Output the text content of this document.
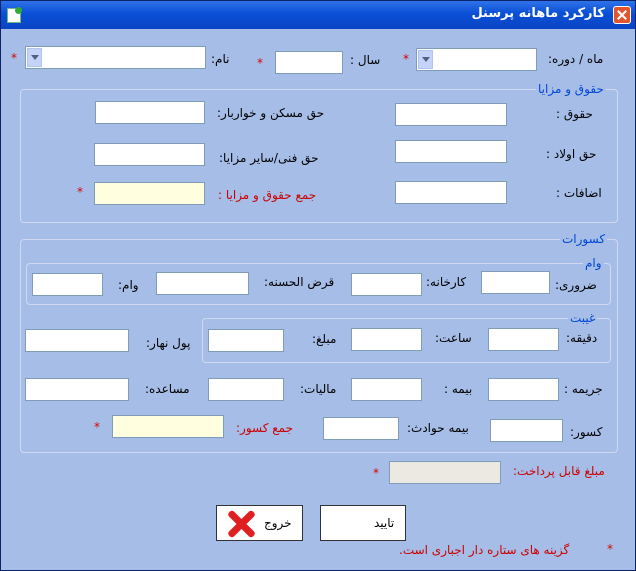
کارکرد ماهانه پرسنل
ماه / دوره:
*
سال :
*
نام:
*
حقوق و مزایا
حقوق :
حق مسکن و خواربار:
حق اولاد :
حق فنی/سایر مزایا:
اضافات :
جمع حقوق و مزایا :
*
کسورات
وام
ضروری:
کارخانه:
قرض الحسنه:
وام:
غیبت
دقیقه:
ساعت:
مبلغ:
پول نهار:
جریمه :
بیمه :
مالیات:
مساعده:
کسور:
بیمه حوادث:
جمع کسور:
*
مبلغ قابل پرداخت:
*
تایید
خروج
*
گزینه های ستاره دار اجباری است.
